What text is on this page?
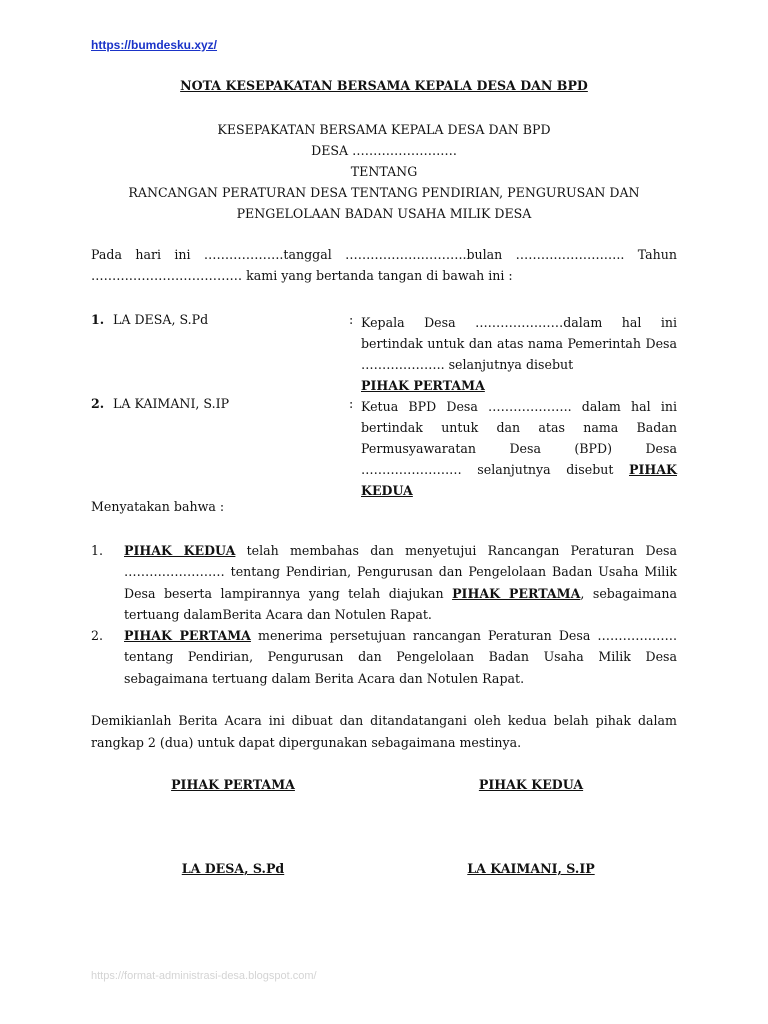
https://bumdesku.xyz/
NOTA KESEPAKATAN BERSAMA KEPALA DESA DAN BPD
KESEPAKATAN BERSAMA KEPALA DESA DAN BPD
DESA …………………….
TENTANG
RANCANGAN PERATURAN DESA TENTANG PENDIRIAN, PENGURUSAN DAN
PENGELOLAAN BADAN USAHA MILIK DESA
Pada hari ini ……………….tanggal ………………………..bulan …………………….. Tahun ……………………………… kami yang bertanda tangan di bawah ini :
1. LA DESA, S.Pd	: Kepala Desa …………………dalam hal ini bertindak untuk dan atas nama Pemerintah Desa ……………….. selanjutnya disebut
PIHAK PERTAMA
2. LA KAIMANI, S.IP	: Ketua BPD Desa ……………….. dalam hal ini bertindak untuk dan atas nama Badan Permusyawaratan Desa (BPD) Desa …………………… selanjutnya disebut PIHAK KEDUA
Menyatakan bahwa :
1. PIHAK KEDUA telah membahas dan menyetujui Rancangan Peraturan Desa …………………… tentang Pendirian, Pengurusan dan Pengelolaan Badan Usaha Milik Desa beserta lampirannya yang telah diajukan PIHAK PERTAMA, sebagaimana tertuang dalamBerita Acara dan Notulen Rapat.
2. PIHAK PERTAMA menerima persetujuan rancangan Peraturan Desa ………………. tentang Pendirian, Pengurusan dan Pengelolaan Badan Usaha Milik Desa sebagaimana tertuang dalam Berita Acara dan Notulen Rapat.
Demikianlah Berita Acara ini dibuat dan ditandatangani oleh kedua belah pihak dalam rangkap 2 (dua) untuk dapat dipergunakan sebagaimana mestinya.
PIHAK PERTAMA	PIHAK KEDUA
LA DESA, S.Pd	LA KAIMANI, S.IP
https://format-administrasi-desa.blogspot.com/
